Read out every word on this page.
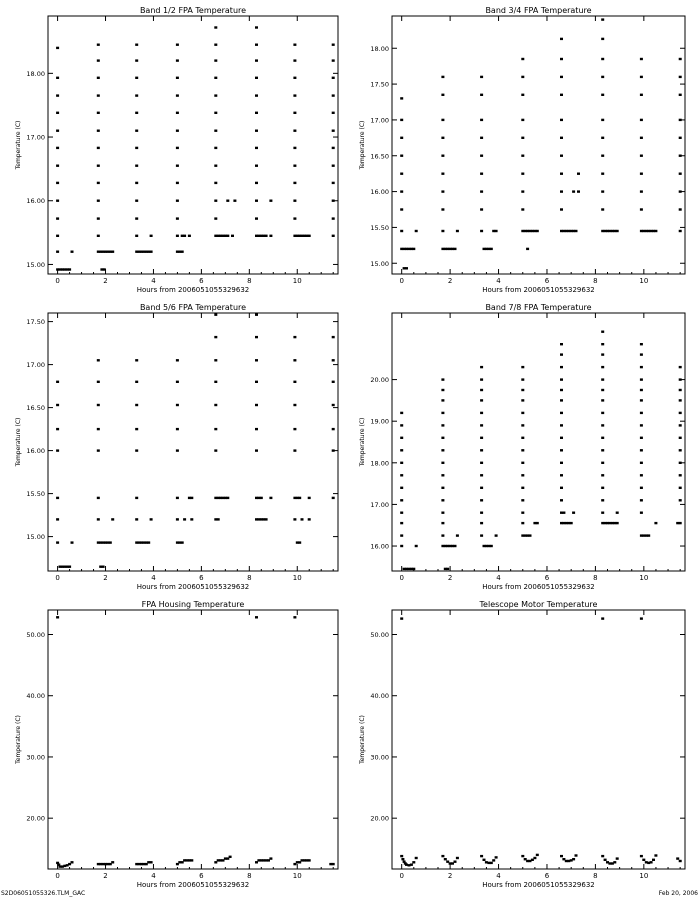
Band 1/2 FPA Temperature
Hours from 2006051055329632
Temperature (C)
0	2	4	6	8	10
15.00
16.00
17.00
18.00
Band 3/4 FPA Temperature
Hours from 2006051055329632
Temperature (C)
0	2	4	6	8	10
15.00
15.50
16.00
16.50
17.00
17.50
18.00
Band 5/6 FPA Temperature
Hours from 2006051055329632
Temperature (C)
0	2	4	6	8	10
15.00
15.50
16.00
16.50
17.00
17.50
Band 7/8 FPA Temperature
Hours from 2006051055329632
Temperature (C)
0	2	4	6	8	10
16.00
17.00
18.00
19.00
20.00
FPA Housing Temperature
Hours from 2006051055329632
Temperature (C)
0	2	4	6	8	10
20.00
30.00
40.00
50.00
Telescope Motor Temperature
Hours from 2006051055329632
Temperature (C)
0	2	4	6	8	10
20.00
30.00
40.00
50.00
S2D06051055326.TLM_GAC	Feb 20, 2006
